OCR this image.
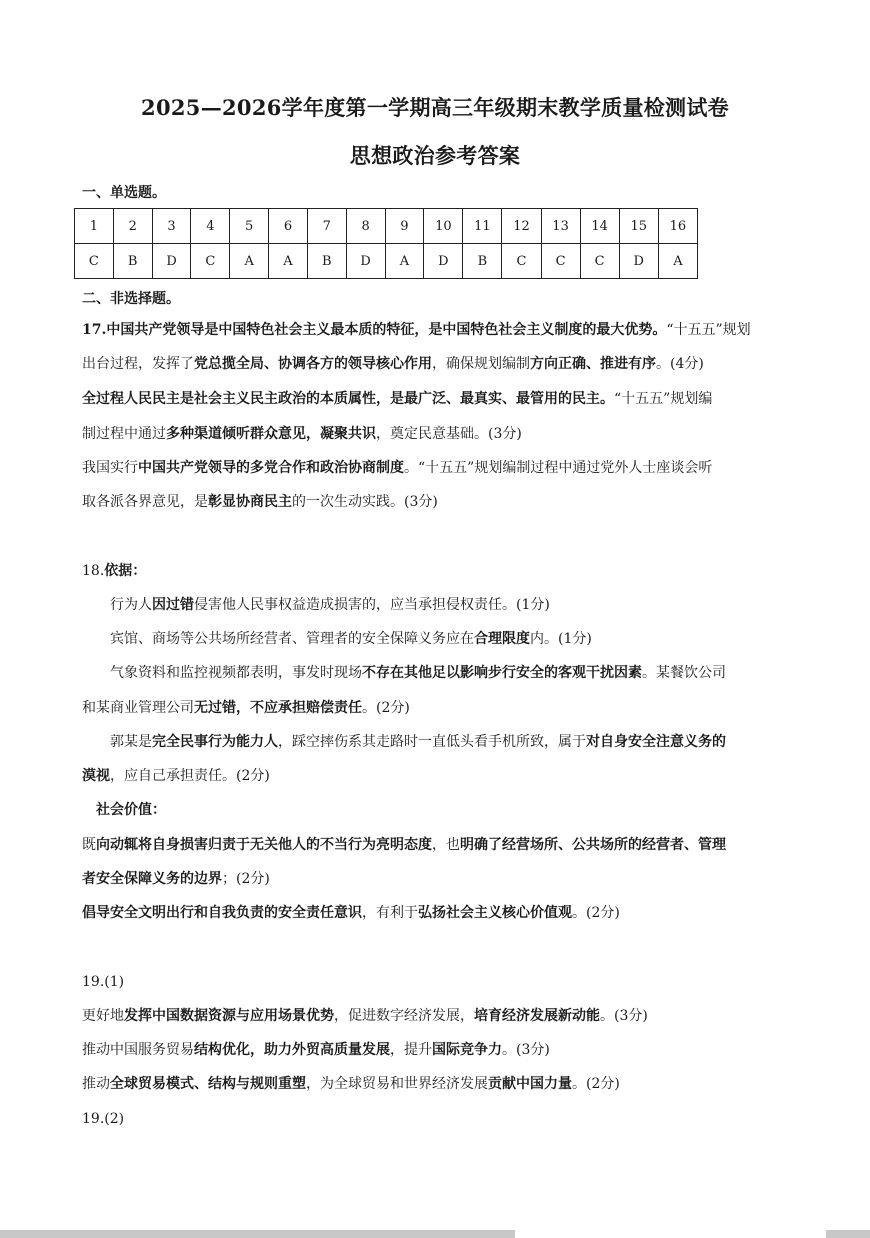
2025—2026学年度第一学期高三年级期末教学质量检测试卷
思想政治参考答案
一、单选题。
1	2	3	4	5	6	7	8	9	10	11	12	13	14	15	16
C	B	D	C	A	A	B	D	A	D	B	C	C	C	D	A
二、非选择题。
17.中国共产党领导是中国特色社会主义最本质的特征，是中国特色社会主义制度的最大优势。“十五五”规划
出台过程，发挥了党总揽全局、协调各方的领导核心作用，确保规划编制方向正确、推进有序。(4分)
全过程人民民主是社会主义民主政治的本质属性，是最广泛、最真实、最管用的民主。“十五五”规划编
制过程中通过多种渠道倾听群众意见，凝聚共识，奠定民意基础。(3分)
我国实行中国共产党领导的多党合作和政治协商制度。“十五五”规划编制过程中通过党外人士座谈会听
取各派各界意见，是彰显协商民主的一次生动实践。(3分)
18.依据：
行为人因过错侵害他人民事权益造成损害的，应当承担侵权责任。(1分)
宾馆、商场等公共场所经营者、管理者的安全保障义务应在合理限度内。(1分)
气象资料和监控视频都表明，事发时现场不存在其他足以影响步行安全的客观干扰因素。某餐饮公司
和某商业管理公司无过错，不应承担赔偿责任。(2分)
郭某是完全民事行为能力人，踩空摔伤系其走路时一直低头看手机所致，属于对自身安全注意义务的
漠视，应自己承担责任。(2分)
社会价值：
既向动辄将自身损害归责于无关他人的不当行为亮明态度，也明确了经营场所、公共场所的经营者、管理
者安全保障义务的边界；(2分)
倡导安全文明出行和自我负责的安全责任意识，有利于弘扬社会主义核心价值观。(2分)
19.(1)
更好地发挥中国数据资源与应用场景优势，促进数字经济发展，培育经济发展新动能。(3分)
推动中国服务贸易结构优化，助力外贸高质量发展，提升国际竞争力。(3分)
推动全球贸易模式、结构与规则重塑，为全球贸易和世界经济发展贡献中国力量。(2分)
19.(2)
